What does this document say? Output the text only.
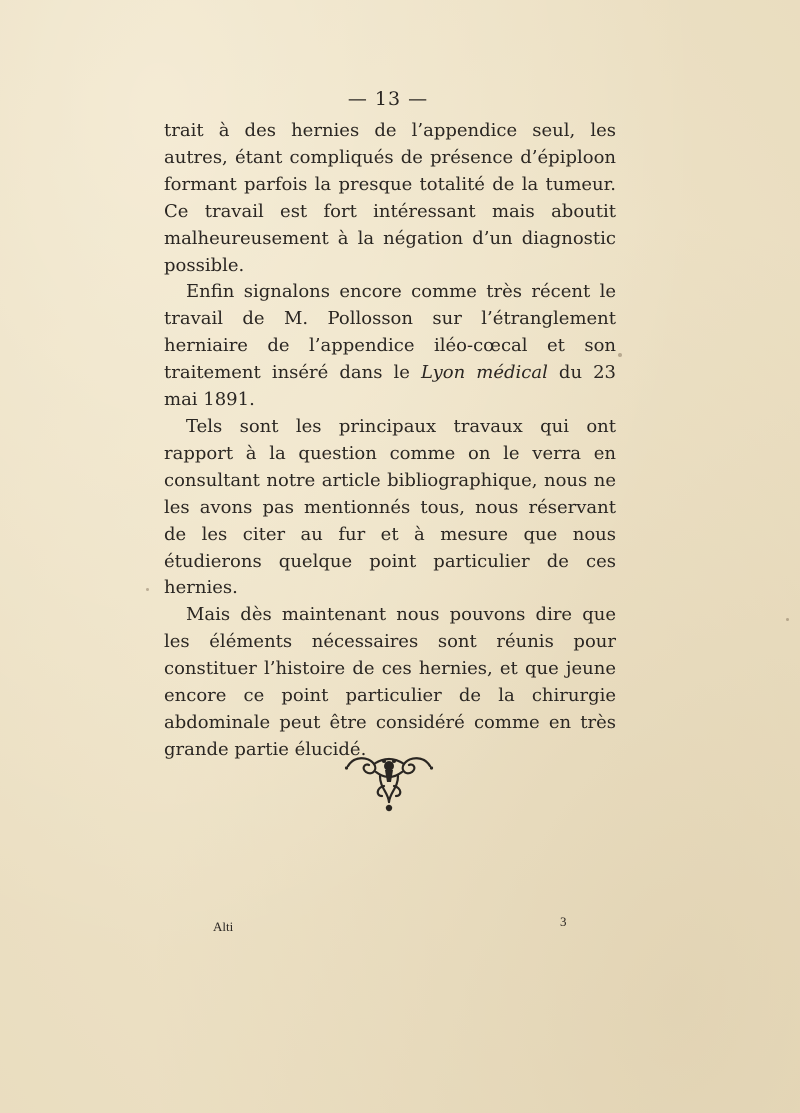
— 13 —

trait à des hernies de l’appendice seul, les autres, étant compliqués de présence d’épiploon formant parfois la presque totalité de la tumeur. Ce travail est fort intéressant mais aboutit malheureusement à la négation d’un diagnostic possible.

Enfin signalons encore comme très récent le travail de M. Pollosson sur l’étranglement herniaire de l’appendice iléo-cœcal et son traitement inséré dans le Lyon médical du 23 mai 1891.

Tels sont les principaux travaux qui ont rapport à la question comme on le verra en consultant notre article bibliographique, nous ne les avons pas mentionnés tous, nous réservant de les citer au fur et à mesure que nous étudierons quelque point particulier de ces hernies.

Mais dès maintenant nous pouvons dire que les éléments nécessaires sont réunis pour constituer l’histoire de ces hernies, et que jeune encore ce point particulier de la chirurgie abdominale peut être considéré comme en très grande partie élucidé.

Alti	3
